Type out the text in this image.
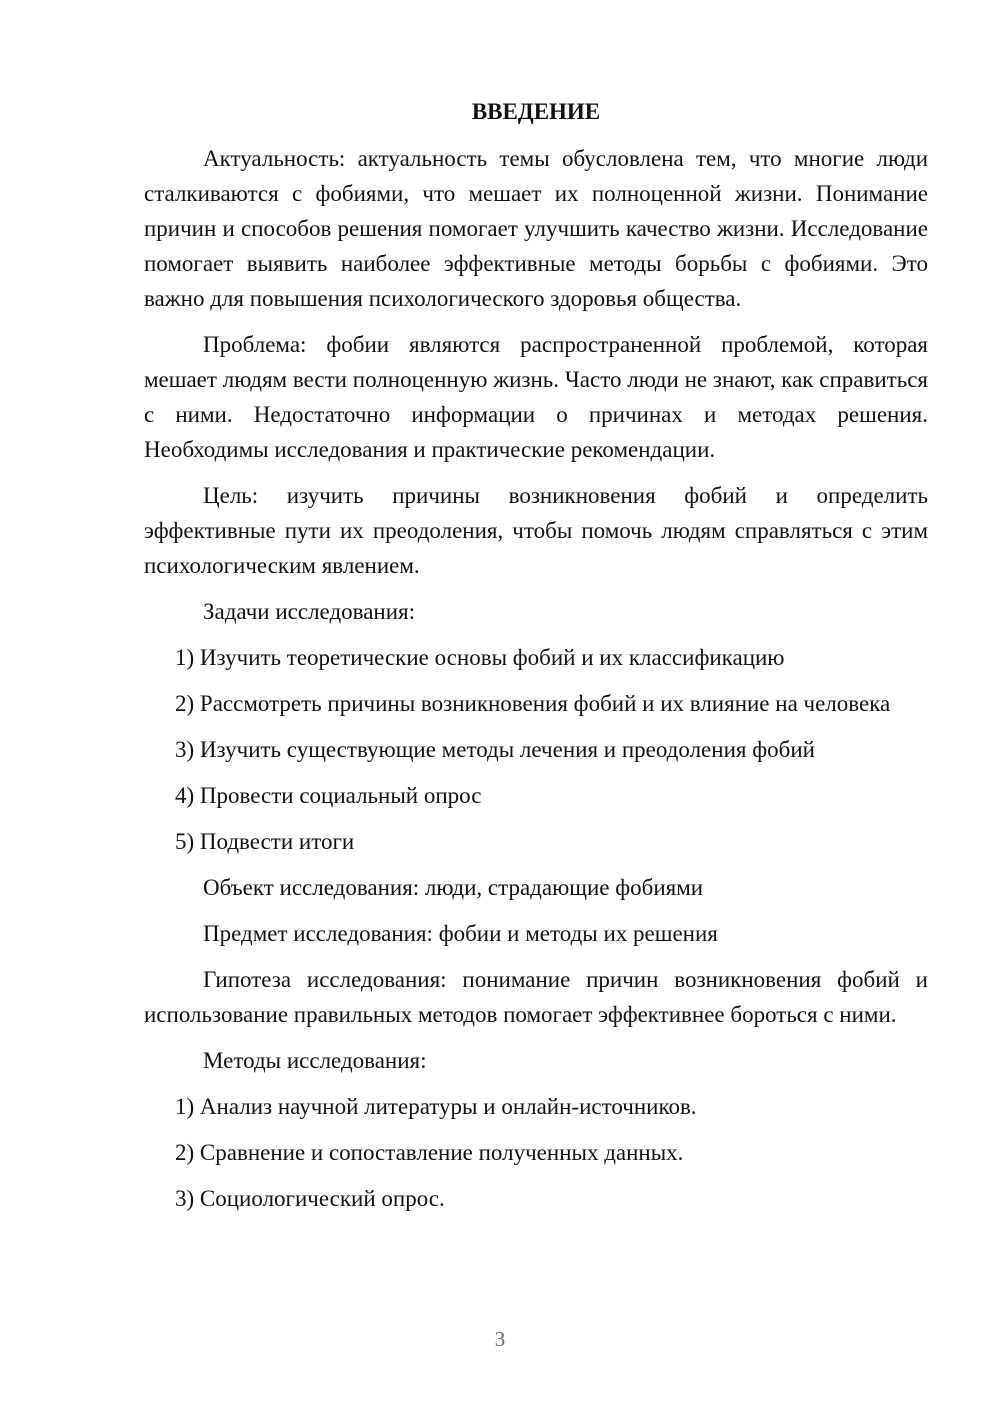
ВВЕДЕНИЕ

Актуальность: актуальность темы обусловлена тем, что многие люди сталкиваются с фобиями, что мешает их полноценной жизни. Понимание причин и способов решения помогает улучшить качество жизни. Исследование помогает выявить наиболее эффективные методы борьбы с фобиями. Это важно для повышения психологического здоровья общества.

Проблема: фобии являются распространенной проблемой, которая мешает людям вести полноценную жизнь. Часто люди не знают, как справиться с ними. Недостаточно информации о причинах и методах решения. Необходимы исследования и практические рекомендации.

Цель: изучить причины возникновения фобий и определить эффективные пути их преодоления, чтобы помочь людям справляться с этим психологическим явлением.

Задачи исследования:

1) Изучить теоретические основы фобий и их классификацию

2) Рассмотреть причины возникновения фобий и их влияние на человека

3) Изучить существующие методы лечения и преодоления фобий

4) Провести социальный опрос

5) Подвести итоги

Объект исследования: люди, страдающие фобиями

Предмет исследования: фобии и методы их решения

Гипотеза исследования: понимание причин возникновения фобий и использование правильных методов помогает эффективнее бороться с ними.

Методы исследования:

1) Анализ научной литературы и онлайн-источников.

2) Сравнение и сопоставление полученных данных.

3) Социологический опрос.

3
